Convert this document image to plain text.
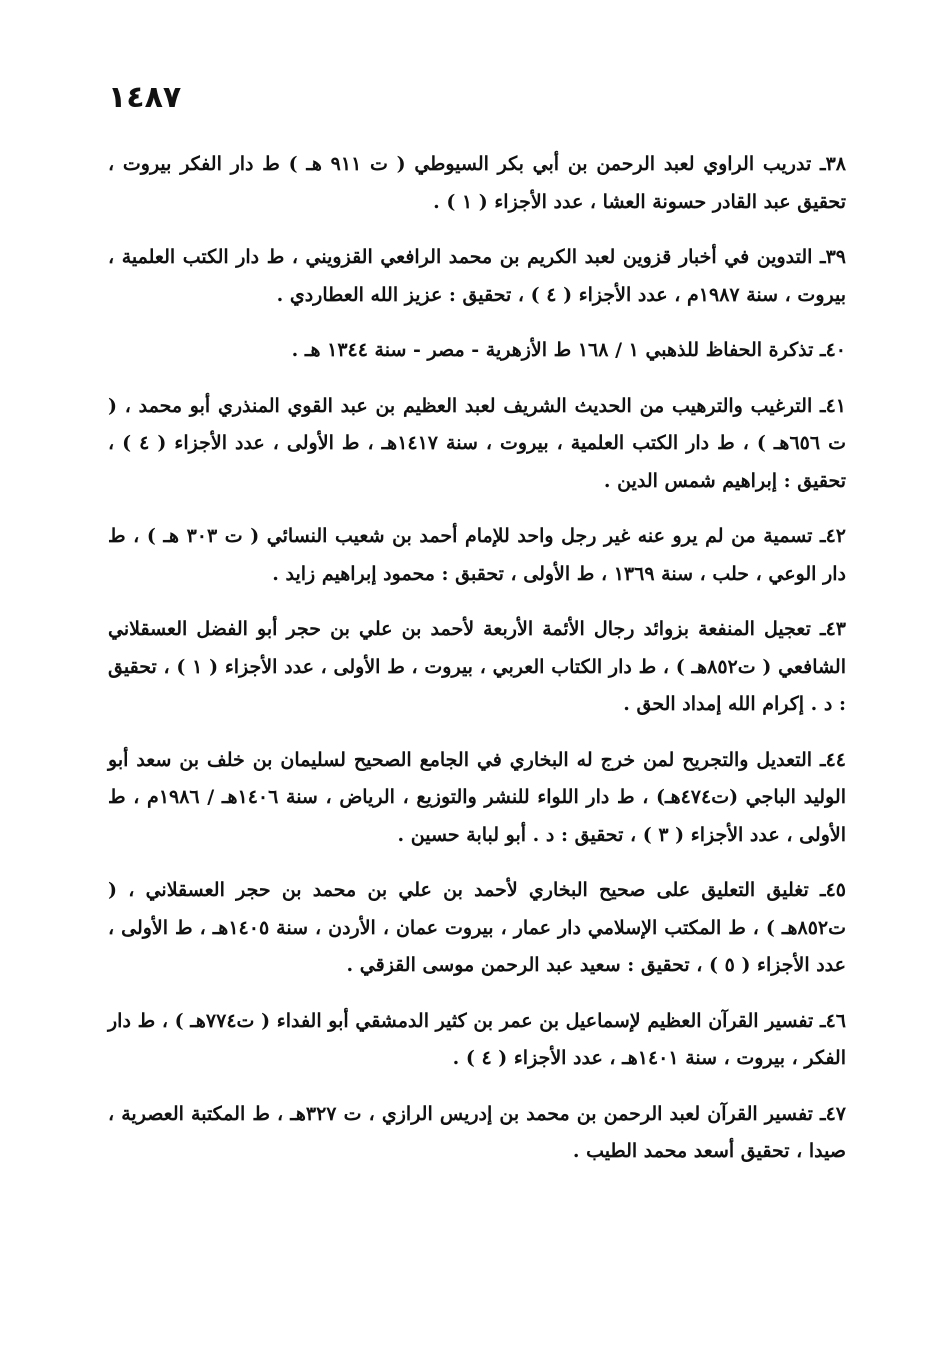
١٤٨٧

٣٨ـ تدريب الراوي لعبد الرحمن بن أبي بكر السيوطي ( ت ٩١١ هـ ) ط دار الفكر بيروت ، تحقيق عبد القادر حسونة العشا ، عدد الأجزاء ( ١ ) .

٣٩ـ التدوين في أخبار قزوين لعبد الكريم بن محمد الرافعي القزويني ، ط دار الكتب العلمية ، بيروت ، سنة ١٩٨٧م ، عدد الأجزاء ( ٤ ) ، تحقيق : عزيز الله العطاردي .

٤٠ـ تذكرة الحفاظ للذهبي ١ / ١٦٨ ط الأزهرية - مصر - سنة ١٣٤٤ هـ .

٤١ـ الترغيب والترهيب من الحديث الشريف لعبد العظيم بن عبد القوي المنذري أبو محمد ، ( ت ٦٥٦هـ ) ، ط دار الكتب العلمية ، بيروت ، سنة ١٤١٧هـ ، ط الأولى ، عدد الأجزاء ( ٤ ) ، تحقيق : إبراهيم شمس الدين .

٤٢ـ تسمية من لم يرو عنه غير رجل واحد للإمام أحمد بن شعيب النسائي ( ت ٣٠٣ هـ ) ، ط دار الوعي ، حلب ، سنة ١٣٦٩ ، ط الأولى ، تحقبق : محمود إبراهيم زايد .

٤٣ـ تعجيل المنفعة بزوائد رجال الأئمة الأربعة لأحمد بن علي بن حجر أبو الفضل العسقلاني الشافعي ( ت٨٥٢هـ ) ، ط دار الكتاب العربي ، بيروت ، ط الأولى ، عدد الأجزاء ( ١ ) ، تحقيق : د . إكرام الله إمداد الحق .

٤٤ـ التعديل والتجريح لمن خرج له البخاري في الجامع الصحيح لسليمان بن خلف بن سعد أبو الوليد الباجي (ت٤٧٤هـ) ، ط دار اللواء للنشر والتوزيع ، الرياض ، سنة ١٤٠٦هـ / ١٩٨٦م ، ط الأولى ، عدد الأجزاء ( ٣ ) ، تحقيق : د . أبو لبابة حسين .

٤٥ـ تغليق التعليق على صحيح البخاري لأحمد بن علي بن محمد بن حجر العسقلاني ، ( ت٨٥٢هـ ) ، ط المكتب الإسلامي دار عمار ، بيروت عمان ، الأردن ، سنة ١٤٠٥هـ ، ط الأولى ، عدد الأجزاء ( ٥ ) ، تحقيق : سعيد عبد الرحمن موسى القزقي .

٤٦ـ تفسير القرآن العظيم لإسماعيل بن عمر بن كثير الدمشقي أبو الفداء ( ت٧٧٤هـ ) ، ط دار الفكر ، بيروت ، سنة ١٤٠١هـ ، عدد الأجزاء ( ٤ ) .

٤٧ـ تفسير القرآن لعبد الرحمن بن محمد بن إدريس الرازي ، ت ٣٢٧هـ ، ط المكتبة العصرية ، صيدا ، تحقيق أسعد محمد الطيب .
